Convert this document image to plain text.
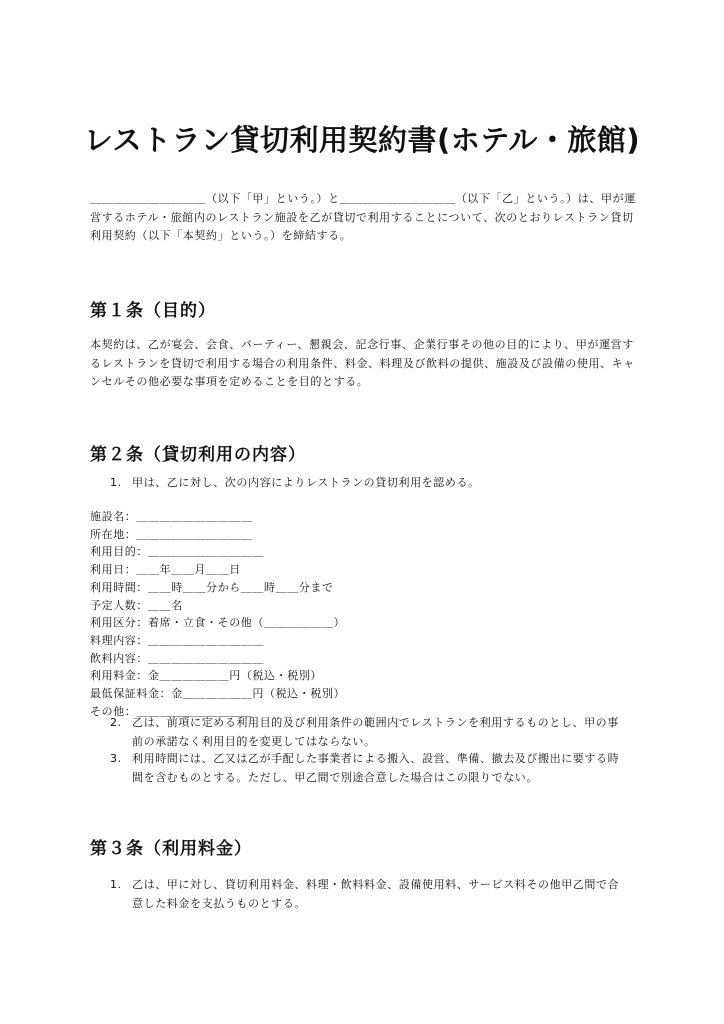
レストラン貸切利用契約書(ホテル・旅館)
＿＿＿＿＿＿＿＿＿＿（以下「甲」という。）と＿＿＿＿＿＿＿＿＿＿（以下「乙」という。）は、甲が運営するホテル・旅館内のレストラン施設を乙が貸切で利用することについて、次のとおりレストラン貸切利用契約（以下「本契約」という。）を締結する。
第１条（目的）
本契約は、乙が宴会、会食、パーティー、懇親会、記念行事、企業行事その他の目的により、甲が運営するレストランを貸切で利用する場合の利用条件、料金、料理及び飲料の提供、施設及び設備の使用、キャンセルその他必要な事項を定めることを目的とする。
第２条（貸切利用の内容）
1. 甲は、乙に対し、次の内容によりレストランの貸切利用を認める。
施設名：＿＿＿＿＿＿＿＿＿＿
所在地：＿＿＿＿＿＿＿＿＿＿
利用目的：＿＿＿＿＿＿＿＿＿＿
利用日：＿＿年＿＿月＿＿日
利用時間：＿＿時＿＿分から＿＿時＿＿分まで
予定人数：＿＿名
利用区分：着席・立食・その他（＿＿＿＿＿＿）
料理内容：＿＿＿＿＿＿＿＿＿＿
飲料内容：＿＿＿＿＿＿＿＿＿＿
利用料金：金＿＿＿＿＿＿円（税込・税別）
最低保証料金：金＿＿＿＿＿＿円（税込・税別）
その他：＿＿＿＿＿＿＿＿＿＿
2. 乙は、前項に定める利用目的及び利用条件の範囲内でレストランを利用するものとし、甲の事前の承諾なく利用目的を変更してはならない。
3. 利用時間には、乙又は乙が手配した事業者による搬入、設営、準備、撤去及び搬出に要する時間を含むものとする。ただし、甲乙間で別途合意した場合はこの限りでない。
第３条（利用料金）
1. 乙は、甲に対し、貸切利用料金、料理・飲料料金、設備使用料、サービス料その他甲乙間で合意した料金を支払うものとする。
